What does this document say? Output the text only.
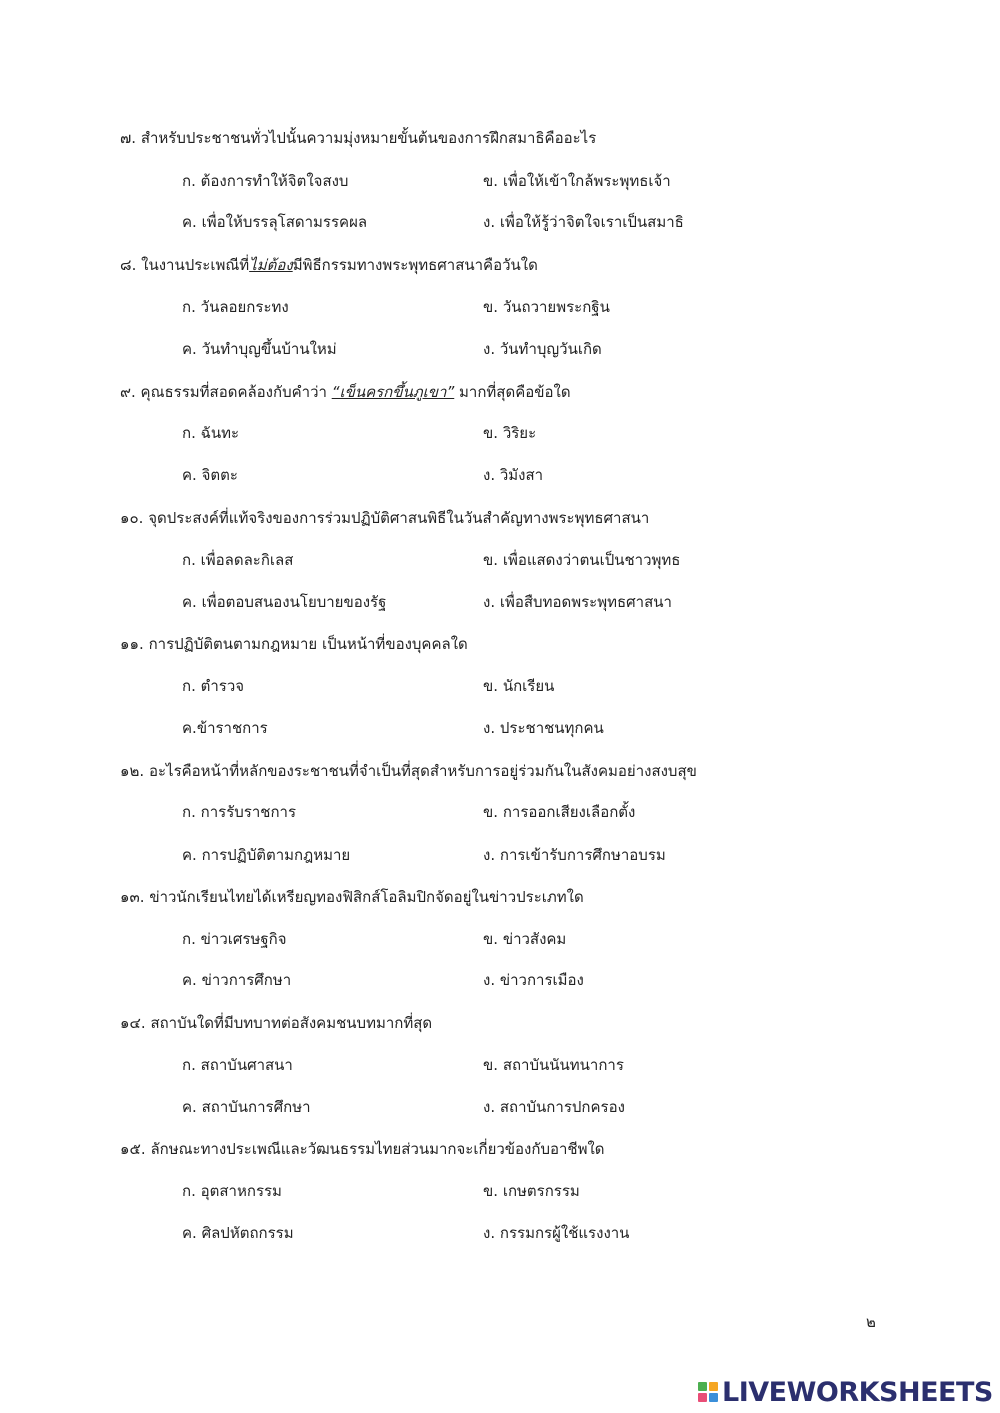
๗. สำหรับประชาชนทั่วไปนั้นความมุ่งหมายขั้นต้นของการฝึกสมาธิคืออะไร
ก. ต้องการทำให้จิตใจสงบ	ข. เพื่อให้เข้าใกล้พระพุทธเจ้า
ค. เพื่อให้บรรลุโสดามรรคผล	ง. เพื่อให้รู้ว่าจิตใจเราเป็นสมาธิ
๘. ในงานประเพณีที่ไม่ต้องมีพิธีกรรมทางพระพุทธศาสนาคือวันใด
ก. วันลอยกระทง	ข. วันถวายพระกฐิน
ค. วันทำบุญขึ้นบ้านใหม่	ง. วันทำบุญวันเกิด
๙. คุณธรรมที่สอดคล้องกับคำว่า “เข็นครกขึ้นภูเขา” มากที่สุดคือข้อใด
ก. ฉันทะ	ข. วิริยะ
ค. จิตตะ	ง. วิมังสา
๑๐. จุดประสงค์ที่แท้จริงของการร่วมปฏิบัติศาสนพิธีในวันสำคัญทางพระพุทธศาสนา
ก. เพื่อลดละกิเลส	ข. เพื่อแสดงว่าตนเป็นชาวพุทธ
ค. เพื่อตอบสนองนโยบายของรัฐ	ง. เพื่อสืบทอดพระพุทธศาสนา
๑๑. การปฏิบัติตนตามกฎหมาย เป็นหน้าที่ของบุคคลใด
ก. ตำรวจ	ข. นักเรียน
ค.ข้าราชการ	ง. ประชาชนทุกคน
๑๒. อะไรคือหน้าที่หลักของระชาชนที่จำเป็นที่สุดสำหรับการอยู่ร่วมกันในสังคมอย่างสงบสุข
ก. การรับราชการ	ข. การออกเสียงเลือกตั้ง
ค. การปฏิบัติตามกฎหมาย	ง. การเข้ารับการศึกษาอบรม
๑๓. ข่าวนักเรียนไทยได้เหรียญทองฟิสิกส์โอลิมปิกจัดอยู่ในข่าวประเภทใด
ก. ข่าวเศรษฐกิจ	ข. ข่าวสังคม
ค. ข่าวการศึกษา	ง. ข่าวการเมือง
๑๔. สถาบันใดที่มีบทบาทต่อสังคมชนบทมากที่สุด
ก. สถาบันศาสนา	ข. สถาบันนันทนาการ
ค. สถาบันการศึกษา	ง. สถาบันการปกครอง
๑๕. ลักษณะทางประเพณีและวัฒนธรรมไทยส่วนมากจะเกี่ยวข้องกับอาชีพใด
ก. อุตสาหกรรม	ข. เกษตรกรรม
ค. ศิลปหัตถกรรม	ง. กรรมกรผู้ใช้แรงงาน
๒
LIVEWORKSHEETS
